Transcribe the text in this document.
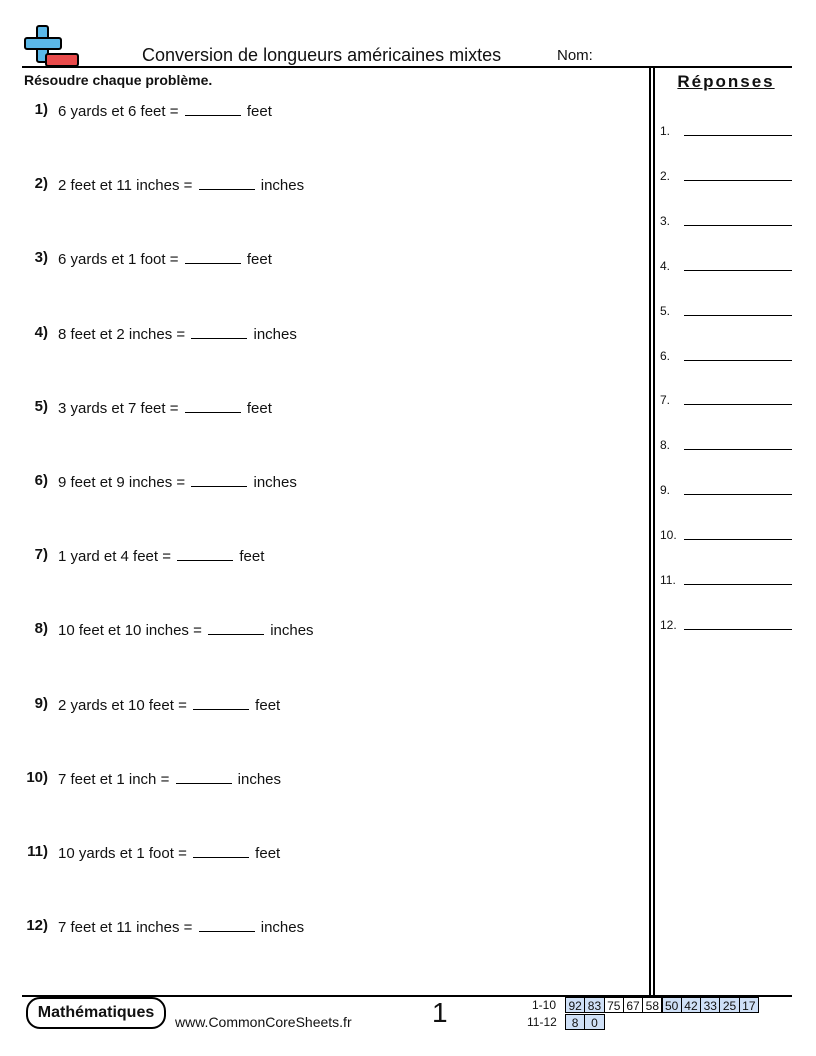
Conversion de longueurs américaines mixtes	Nom:
Résoudre chaque problème.
1) 6 yards et 6 feet =	feet
2) 2 feet et 11 inches =	inches
3) 6 yards et 1 foot =	feet
4) 8 feet et 2 inches =	inches
5) 3 yards et 7 feet =	feet
6) 9 feet et 9 inches =	inches
7) 1 yard et 4 feet =	feet
8) 10 feet et 10 inches =	inches
9) 2 yards et 10 feet =	feet
10) 7 feet et 1 inch =	inches
11) 10 yards et 1 foot =	feet
12) 7 feet et 11 inches =	inches
Réponses
1.
2.
3.
4.
5.
6.
7.
8.
9.
10.
11.
12.
Mathématiques
www.CommonCoreSheets.fr	1	1-10 92 83 75 67 58 50 42 33 25 17
11-12	8	0
